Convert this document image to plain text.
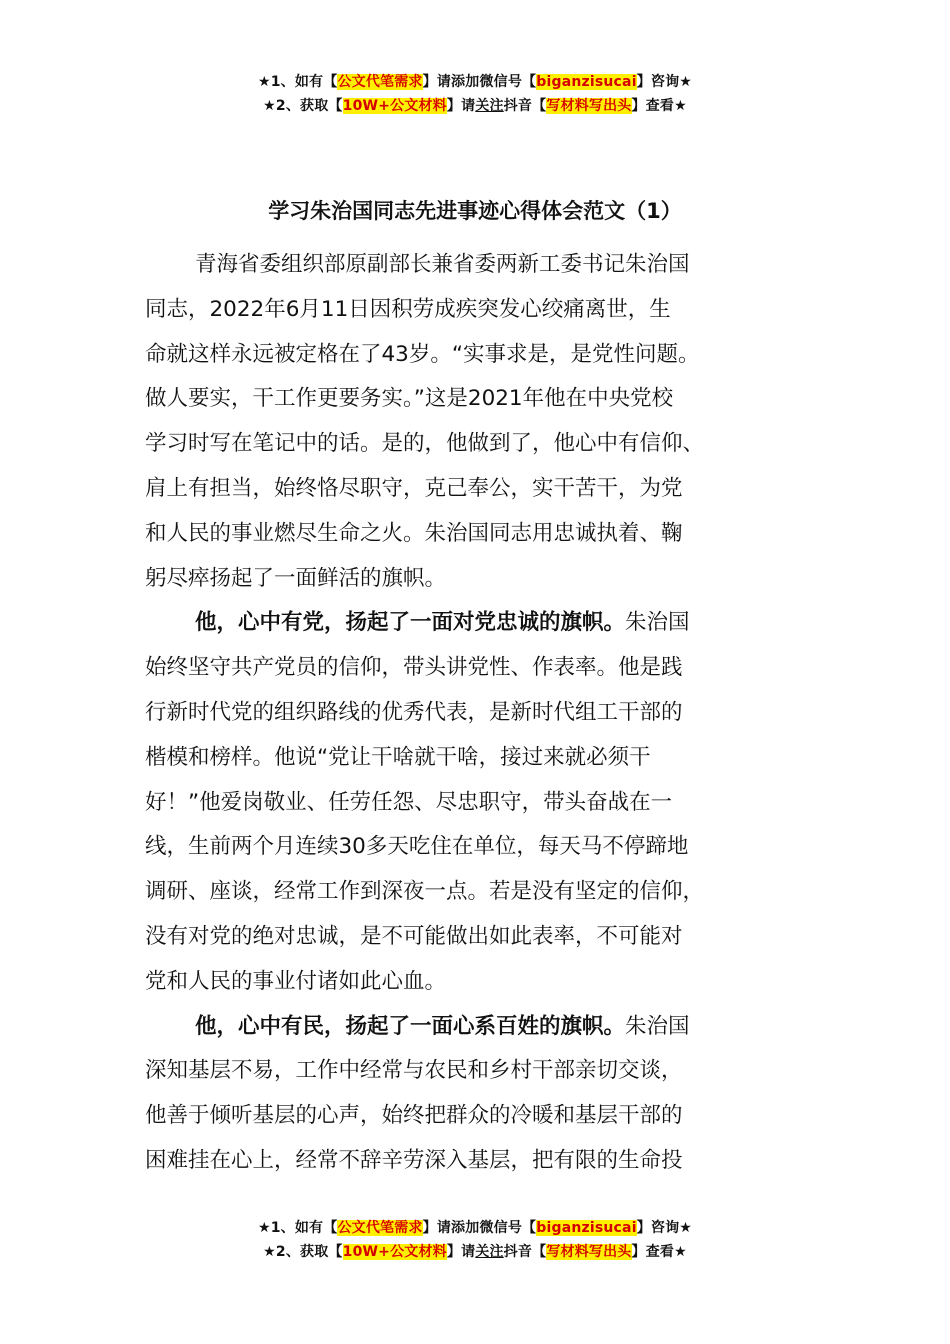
★1、如有【公文代笔需求】请添加微信号【biganzisucai】咨询★
★2、获取【10W+公文材料】请关注抖音【写材料写出头】查看★
学习朱治国同志先进事迹心得体会范文（1）
青海省委组织部原副部长兼省委两新工委书记朱治国
同志，2022年6月11日因积劳成疾突发心绞痛离世，生
命就这样永远被定格在了43岁。“实事求是，是党性问题。
做人要实，干工作更要务实。”这是2021年他在中央党校
学习时写在笔记中的话。是的，他做到了，他心中有信仰、
肩上有担当，始终恪尽职守，克己奉公，实干苦干，为党
和人民的事业燃尽生命之火。朱治国同志用忠诚执着、鞠
躬尽瘁扬起了一面鲜活的旗帜。
他，心中有党，扬起了一面对党忠诚的旗帜。朱治国
始终坚守共产党员的信仰，带头讲党性、作表率。他是践
行新时代党的组织路线的优秀代表，是新时代组工干部的
楷模和榜样。他说“党让干啥就干啥，接过来就必须干
好！”他爱岗敬业、任劳任怨、尽忠职守，带头奋战在一
线，生前两个月连续30多天吃住在单位，每天马不停蹄地
调研、座谈，经常工作到深夜一点。若是没有坚定的信仰，
没有对党的绝对忠诚，是不可能做出如此表率，不可能对
党和人民的事业付诸如此心血。
他，心中有民，扬起了一面心系百姓的旗帜。朱治国
深知基层不易，工作中经常与农民和乡村干部亲切交谈，
他善于倾听基层的心声，始终把群众的冷暖和基层干部的
困难挂在心上，经常不辞辛劳深入基层，把有限的生命投
★1、如有【公文代笔需求】请添加微信号【biganzisucai】咨询★
★2、获取【10W+公文材料】请关注抖音【写材料写出头】查看★
